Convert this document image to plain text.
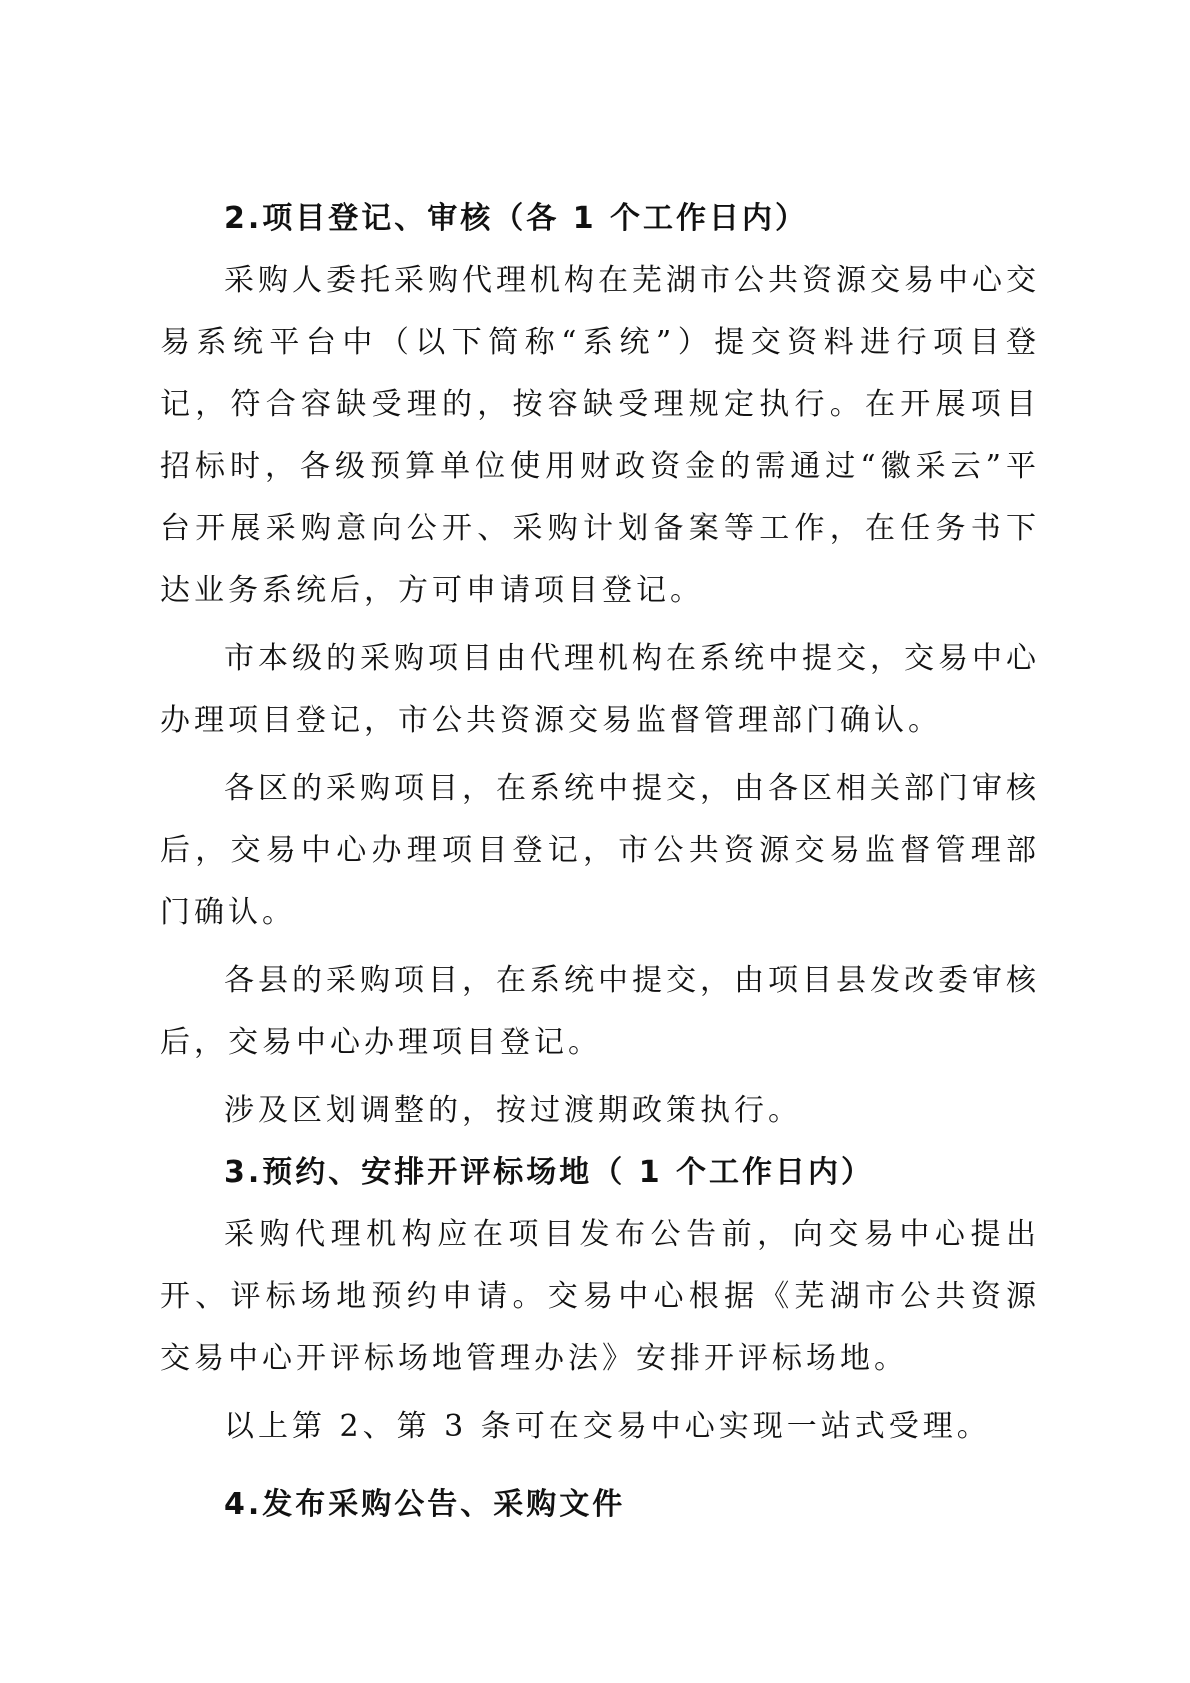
2.项目登记、审核（各 1 个工作日内）

采购人委托采购代理机构在芜湖市公共资源交易中心交易系统平台中（以下简称“系统”）提交资料进行项目登记，符合容缺受理的，按容缺受理规定执行。在开展项目招标时，各级预算单位使用财政资金的需通过“徽采云”平台开展采购意向公开、采购计划备案等工作，在任务书下达业务系统后，方可申请项目登记。

市本级的采购项目由代理机构在系统中提交，交易中心办理项目登记，市公共资源交易监督管理部门确认。

各区的采购项目，在系统中提交，由各区相关部门审核后，交易中心办理项目登记，市公共资源交易监督管理部门确认。

各县的采购项目，在系统中提交，由项目县发改委审核后，交易中心办理项目登记。

涉及区划调整的，按过渡期政策执行。

3.预约、安排开评标场地（ 1 个工作日内）

采购代理机构应在项目发布公告前，向交易中心提出开、评标场地预约申请。交易中心根据《芜湖市公共资源交易中心开评标场地管理办法》安排开评标场地。

以上第 2、第 3 条可在交易中心实现一站式受理。

4.发布采购公告、采购文件
